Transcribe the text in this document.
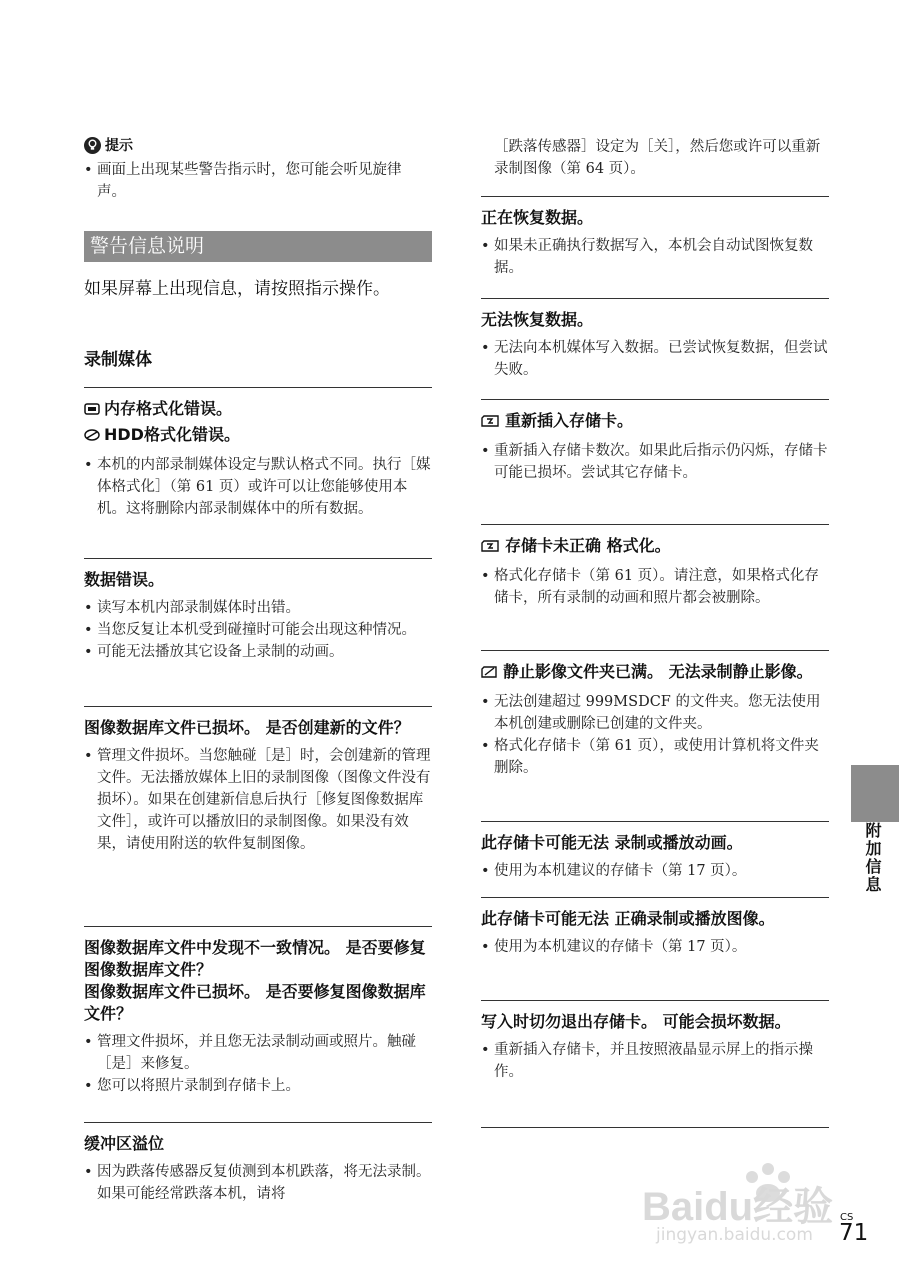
提示
• 画面上出现某些警告指示时，您可能会听见旋律声。
警告信息说明
如果屏幕上出现信息，请按照指示操作。
录制媒体
内存格式化错误。
HDD格式化错误。
• 本机的内部录制媒体设定与默认格式不同。执行［媒体格式化］（第 61 页）或许可以让您能够使用本机。这将删除内部录制媒体中的所有数据。
数据错误。
• 读写本机内部录制媒体时出错。
• 当您反复让本机受到碰撞时可能会出现这种情况。
• 可能无法播放其它设备上录制的动画。
图像数据库文件已损坏。 是否创建新的文件？
• 管理文件损坏。当您触碰［是］时，会创建新的管理文件。无法播放媒体上旧的录制图像（图像文件没有损坏）。如果在创建新信息后执行［修复图像数据库文件］，或许可以播放旧的录制图像。如果没有效果，请使用附送的软件复制图像。
图像数据库文件中发现不一致情况。 是否要修复图像数据库文件？
图像数据库文件已损坏。 是否要修复图像数据库文件？
• 管理文件损坏，并且您无法录制动画或照片。触碰［是］来修复。
• 您可以将照片录制到存储卡上。
缓冲区溢位
• 因为跌落传感器反复侦测到本机跌落，将无法录制。如果可能经常跌落本机，请将
［跌落传感器］设定为［关］，然后您或许可以重新录制图像（第 64 页）。
正在恢复数据。
• 如果未正确执行数据写入，本机会自动试图恢复数据。
无法恢复数据。
• 无法向本机媒体写入数据。已尝试恢复数据，但尝试失败。
重新插入存储卡。
• 重新插入存储卡数次。如果此后指示仍闪烁，存储卡可能已损坏。尝试其它存储卡。
存储卡未正确 格式化。
• 格式化存储卡（第 61 页）。请注意，如果格式化存储卡，所有录制的动画和照片都会被删除。
静止影像文件夹已满。 无法录制静止影像。
• 无法创建超过 999MSDCF 的文件夹。您无法使用本机创建或删除已创建的文件夹。
• 格式化存储卡（第 61 页），或使用计算机将文件夹删除。
此存储卡可能无法 录制或播放动画。
• 使用为本机建议的存储卡（第 17 页）。
此存储卡可能无法 正确录制或播放图像。
• 使用为本机建议的存储卡（第 17 页）。
写入时切勿退出存储卡。 可能会损坏数据。
• 重新插入存储卡，并且按照液晶显示屏上的指示操作。
附加信息
Baidu经验
jingyan.baidu.com
CS
71
